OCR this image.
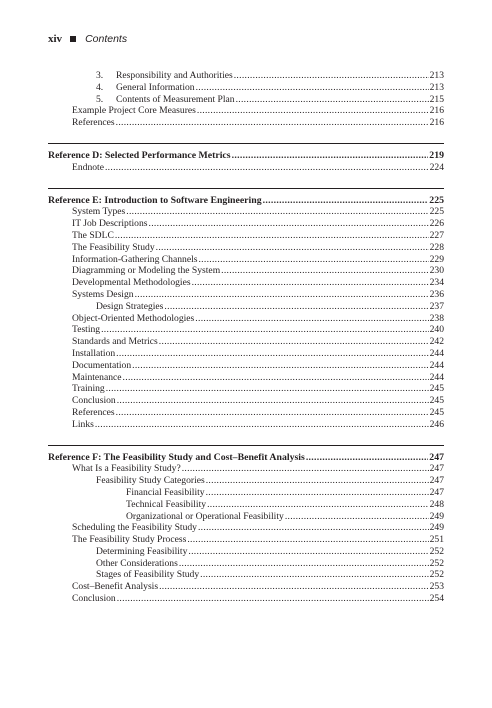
xiv Contents
3.	Responsibility and Authorities .....	213
4.	General Information .....	213
5.	Contents of Measurement Plan .....	215
Example Project Core Measures .....	216
References .....	216
Reference D: Selected Performance Metrics .....	219
Endnote .....	224
Reference E: Introduction to Software Engineering .....	225
System Types .....	225
IT Job Descriptions .....	226
The SDLC .....	227
The Feasibility Study .....	228
Information-Gathering Channels .....	229
Diagramming or Modeling the System .....	230
Developmental Methodologies .....	234
Systems Design .....	236
Design Strategies .....	237
Object-Oriented Methodologies .....	238
Testing .....	240
Standards and Metrics .....	242
Installation .....	244
Documentation .....	244
Maintenance .....	244
Training .....	245
Conclusion .....	245
References .....	245
Links .....	246
Reference F: The Feasibility Study and Cost–Benefit Analysis .....	247
What Is a Feasibility Study? .....	247
Feasibility Study Categories .....	247
Financial Feasibility .....	247
Technical Feasibility .....	248
Organizational or Operational Feasibility .....	249
Scheduling the Feasibility Study .....	249
The Feasibility Study Process .....	251
Determining Feasibility .....	252
Other Considerations .....	252
Stages of Feasibility Study .....	252
Cost–Benefit Analysis .....	253
Conclusion .....	254
